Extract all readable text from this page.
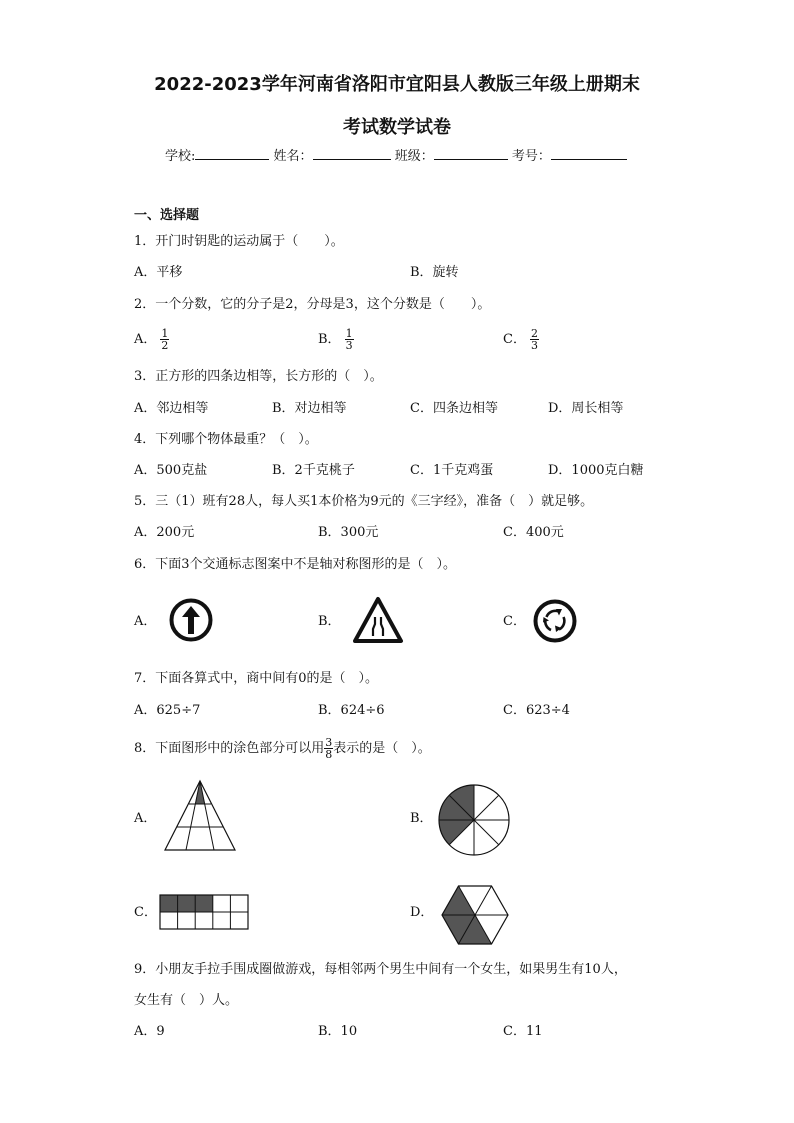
2022-2023学年河南省洛阳市宜阳县人教版三年级上册期末
考试数学试卷
学校:	姓名：	班级：	考号：
一、选择题
1．开门时钥匙的运动属于（　　）。
A．平移	B．旋转
2．一个分数，它的分子是2，分母是3，这个分数是（　　）。
A． $\frac{1}{2}$	B． $\frac{1}{3}$	C． $\frac{2}{3}$
3．正方形的四条边相等，长方形的（　）。
A．邻边相等	B．对边相等	C．四条边相等	D．周长相等
4．下列哪个物体最重？（　）。
A．500克盐	B．2千克桃子	C．1千克鸡蛋	D．1000克白糖
5．三（1）班有28人，每人买1本价格为9元的《三字经》，准备（　）就足够。
A．200元	B．300元	C．400元
6．下面3个交通标志图案中不是轴对称图形的是（　）。
A．	B．	C．
7．下面各算式中，商中间有0的是（　）。
A．625÷7	B．624÷6	C．623÷4
8．下面图形中的涂色部分可以用 $\frac{3}{8}$ 表示的是（　）。
A．	B．
C．	D．
9．小朋友手拉手围成圈做游戏，每相邻两个男生中间有一个女生，如果男生有10人，
女生有（　）人。
A．9	B．10	C．11
